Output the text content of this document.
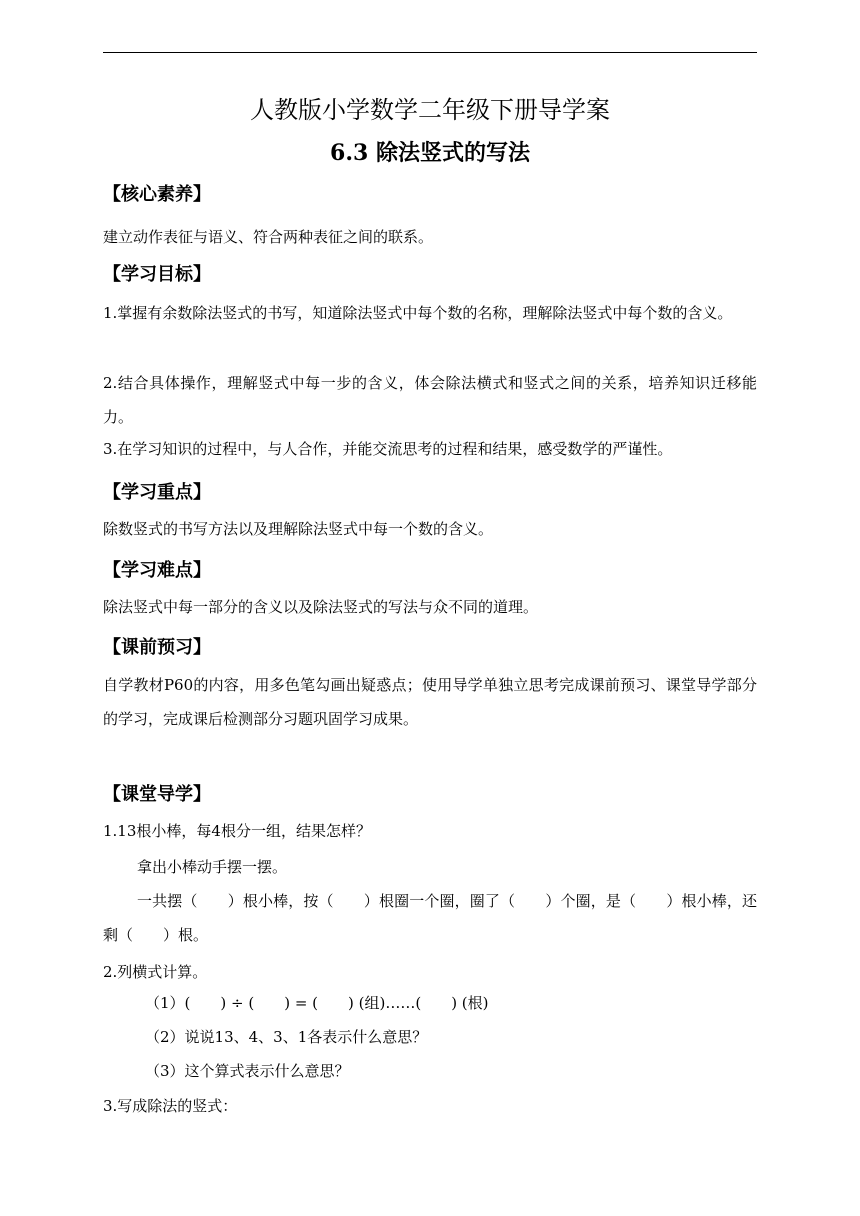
人教版小学数学二年级下册导学案
6.3 除法竖式的写法
【核心素养】
建立动作表征与语义、符合两种表征之间的联系。
【学习目标】
1.掌握有余数除法竖式的书写，知道除法竖式中每个数的名称，理解除法竖式中每个数的含义。
2.结合具体操作，理解竖式中每一步的含义，体会除法横式和竖式之间的关系，培养知识迁移能力。
3.在学习知识的过程中，与人合作，并能交流思考的过程和结果，感受数学的严谨性。
【学习重点】
除数竖式的书写方法以及理解除法竖式中每一个数的含义。
【学习难点】
除法竖式中每一部分的含义以及除法竖式的写法与众不同的道理。
【课前预习】
自学教材P60的内容，用多色笔勾画出疑惑点；使用导学单独立思考完成课前预习、课堂导学部分的学习，完成课后检测部分习题巩固学习成果。
【课堂导学】
1.13根小棒，每4根分一组，结果怎样？
拿出小棒动手摆一摆。
一共摆（　　）根小棒，按（　　）根圈一个圈，圈了（　　）个圈，是（　　）根小棒，还剩（　　）根。
2.列横式计算。
（1）(　　) ÷ (　　) = (　　) (组)……(　　) (根)
（2）说说13、4、3、1各表示什么意思？
（3）这个算式表示什么意思？
3.写成除法的竖式：
